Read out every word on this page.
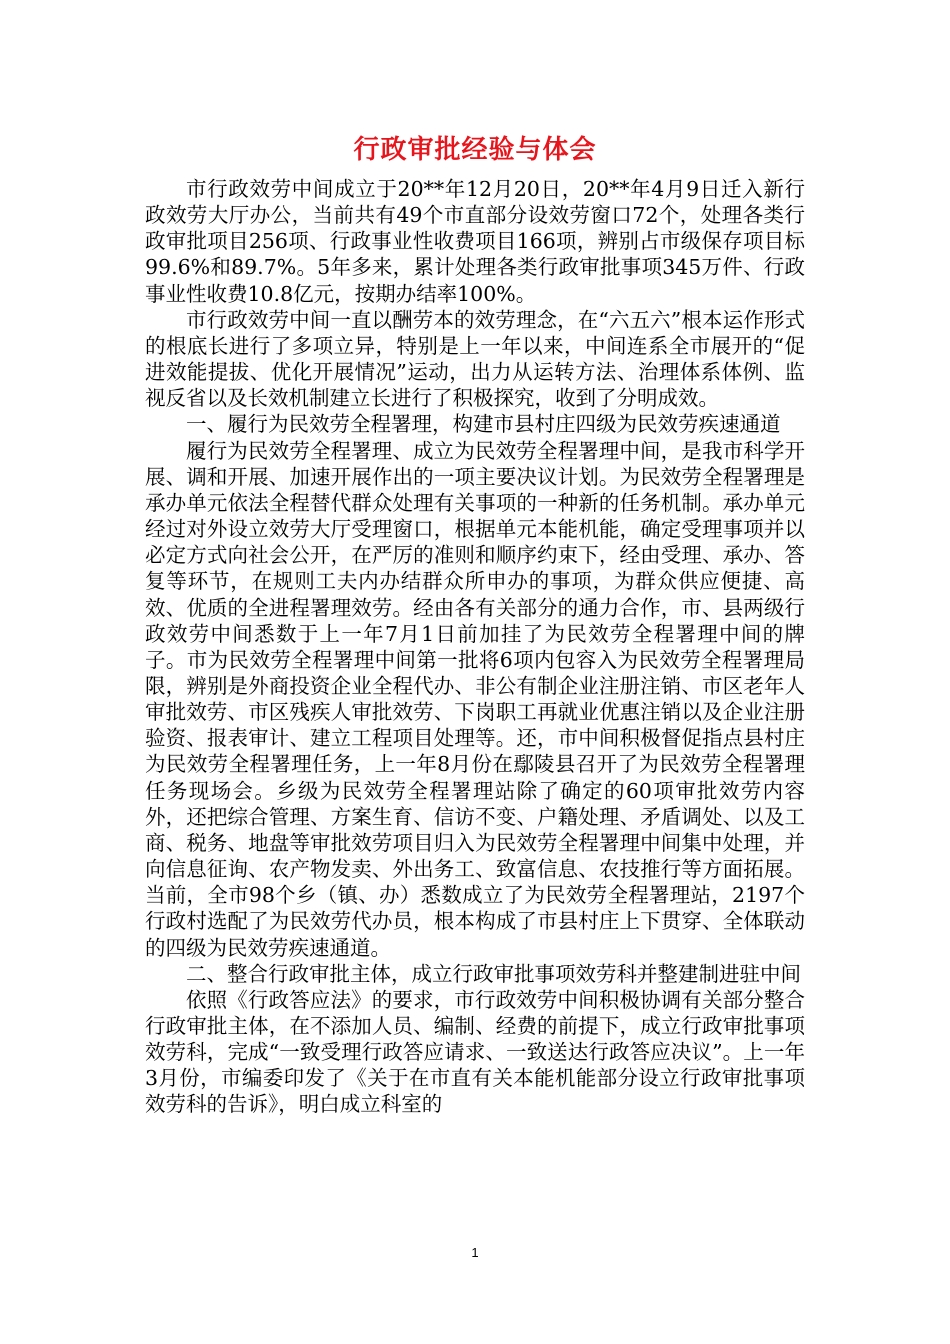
行政审批经验与体会

市行政效劳中间成立于20**年12月20日，20**年4月9日迁入新行政效劳大厅办公，当前共有49个市直部分设效劳窗口72个，处理各类行政审批项目256项、行政事业性收费项目166项，辨别占市级保存项目标99.6%和89.7%。5年多来，累计处理各类行政审批事项345万件、行政事业性收费10.8亿元，按期办结率100%。

市行政效劳中间一直以酬劳本的效劳理念，在“六五六”根本运作形式的根底长进行了多项立异，特别是上一年以来，中间连系全市展开的“促进效能提拔、优化开展情况”运动，出力从运转方法、治理体系体例、监视反省以及长效机制建立长进行了积极探究，收到了分明成效。

一、履行为民效劳全程署理，构建市县村庄四级为民效劳疾速通道

履行为民效劳全程署理、成立为民效劳全程署理中间，是我市科学开展、调和开展、加速开展作出的一项主要决议计划。为民效劳全程署理是承办单元依法全程替代群众处理有关事项的一种新的任务机制。承办单元经过对外设立效劳大厅受理窗口，根据单元本能机能，确定受理事项并以必定方式向社会公开，在严厉的准则和顺序约束下，经由受理、承办、答复等环节，在规则工夫内办结群众所申办的事项，为群众供应便捷、高效、优质的全进程署理效劳。经由各有关部分的通力合作，市、县两级行政效劳中间悉数于上一年7月1日前加挂了为民效劳全程署理中间的牌子。市为民效劳全程署理中间第一批将6项内包容入为民效劳全程署理局限，辨别是外商投资企业全程代办、非公有制企业注册注销、市区老年人审批效劳、市区残疾人审批效劳、下岗职工再就业优惠注销以及企业注册验资、报表审计、建立工程项目处理等。还，市中间积极督促指点县村庄为民效劳全程署理任务，上一年8月份在鄢陵县召开了为民效劳全程署理任务现场会。乡级为民效劳全程署理站除了确定的60项审批效劳内容外，还把综合管理、方案生育、信访不变、户籍处理、矛盾调处、以及工商、税务、地盘等审批效劳项目归入为民效劳全程署理中间集中处理，并向信息征询、农产物发卖、外出务工、致富信息、农技推行等方面拓展。当前，全市98个乡（镇、办）悉数成立了为民效劳全程署理站，2197个行政村选配了为民效劳代办员，根本构成了市县村庄上下贯穿、全体联动的四级为民效劳疾速通道。

二、整合行政审批主体，成立行政审批事项效劳科并整建制进驻中间

依照《行政答应法》的要求，市行政效劳中间积极协调有关部分整合行政审批主体，在不添加人员、编制、经费的前提下，成立行政审批事项效劳科，完成“一致受理行政答应请求、一致送达行政答应决议”。上一年3月份，市编委印发了《关于在市直有关本能机能部分设立行政审批事项效劳科的告诉》，明白成立科室的

1
